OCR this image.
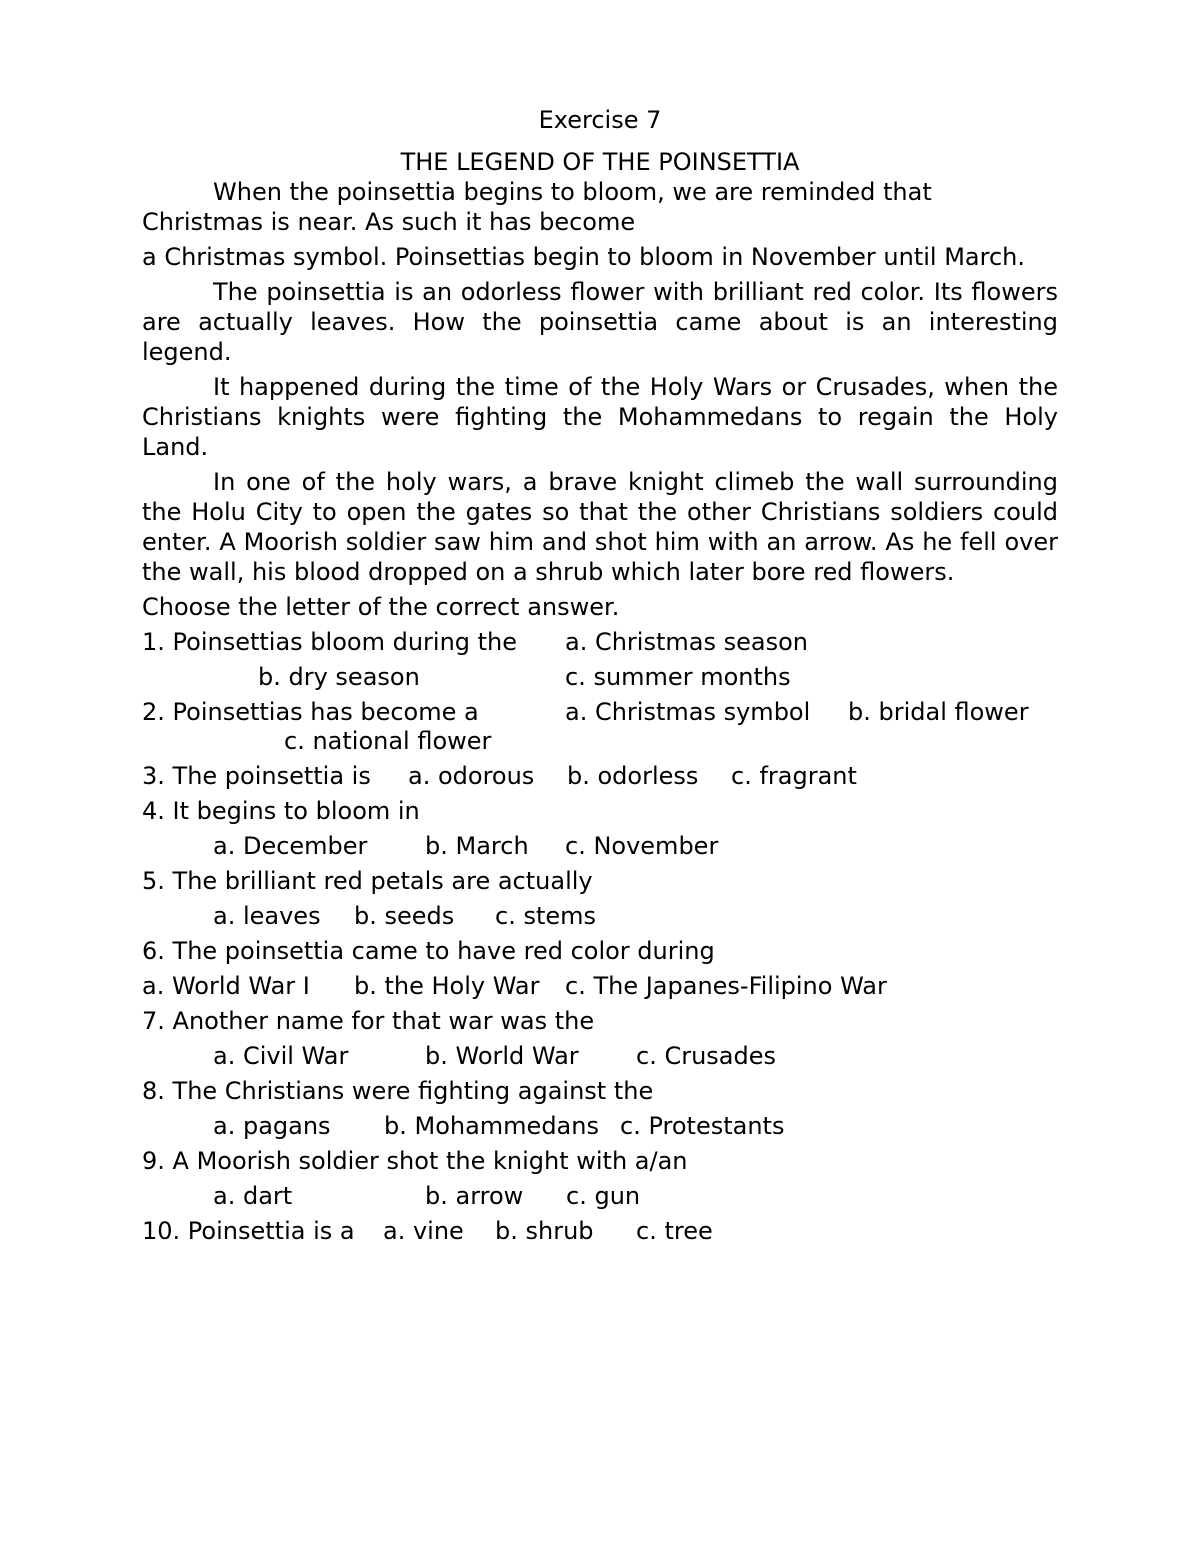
Exercise 7

THE LEGEND OF THE POINSETTIA

When the poinsettia begins to bloom, we are reminded that Christmas is near. As such it has become

a Christmas symbol. Poinsettias begin to bloom in November until March.

The poinsettia is an odorless flower with brilliant red color. Its flowers are actually leaves. How the poinsettia came about is an interesting legend.

It happened during the time of the Holy Wars or Crusades, when the Christians knights were fighting the Mohammedans to regain the Holy Land.

In one of the holy wars, a brave knight climeb the wall surrounding the Holu City to open the gates so that the other Christians soldiers could enter. A Moorish soldier saw him and shot him with an arrow. As he fell over the wall, his blood dropped on a shrub which later bore red flowers.

Choose the letter of the correct answer.

1. Poinsettias bloom during the

a. Christmas season

b. dry season

	c. summer months

2. Poinsettias has become a

	a. Christmas symbol

b. bridal flower

c. national flower

3. The poinsettia is

a. odorous

b. odorless

c. fragrant

4. It begins to bloom in

a. December

b. March

c. November

5. The brilliant red petals are actually

a. leaves

b. seeds

c. stems

6. The poinsettia came to have red color during

a. World War I

b. the Holy War

c. The Japanes-Filipino War

7. Another name for that war was the

a. Civil War

	b. World War

c. Crusades

8. The Christians were fighting against the

a. pagans

b. Mohammedans

c. Protestants

9. A Moorish soldier shot the knight with a/an

a. dart

	b. arrow

c. gun

10. Poinsettia is a

a. vine

b. shrub

c. tree
